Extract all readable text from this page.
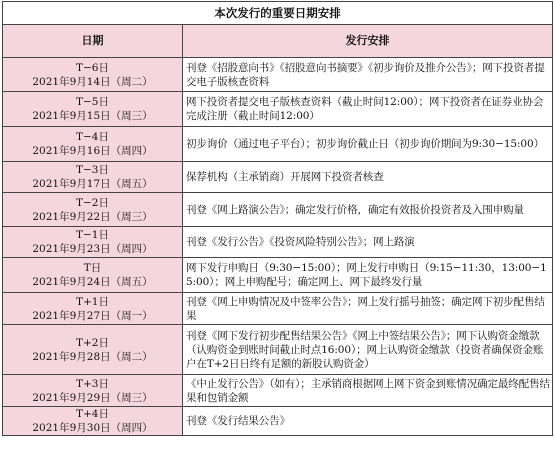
本次发行的重要日期安排	
日期	发行安排

T−6日
2021年9月14日（周二）	刊登《招股意向书》《招股意向书摘要》《初步询价及推介公告》；网下投资者提交电子版核查资料

T−5日
2021年9月15日（周三）	网下投资者提交电子版核查资料（截止时间12:00）；网下投资者在证券业协会完成注册（截止时间12:00）

T−4日
2021年9月16日（周四）	初步询价（通过电子平台）；初步询价截止日（初步询价期间为9:30−15:00）

T−3日
2021年9月17日（周五）	保荐机构（主承销商）开展网下投资者核查

T−2日
2021年9月22日（周三）	刊登《网上路演公告》；确定发行价格，确定有效报价投资者及入围申购量

T−1日
2021年9月23日（周四）	刊登《发行公告》《投资风险特别公告》；网上路演

T日
2021年9月24日（周五）	网下发行申购日（9:30−15:00）；网上发行申购日（9:15−11:30，13:00−15:00）；网上申购配号；确定网上、网下最终发行量

T+1日
2021年9月27日（周一）	刊登《网上申购情况及中签率公告》；网上发行摇号抽签；确定网下初步配售结果

T+2日
2021年9月28日（周二）	刊登《网下发行初步配售结果公告》《网上中签结果公告》；网下认购资金缴款（认购资金到账时间截止时点16:00）；网上认购资金缴款（投资者确保资金账户在T+2日日终有足额的新股认购资金）

T+3日
2021年9月29日（周三）	《中止发行公告》（如有）；主承销商根据网上网下资金到账情况确定最终配售结果和包销金额

T+4日
2021年9月30日（周四）	刊登《发行结果公告》
